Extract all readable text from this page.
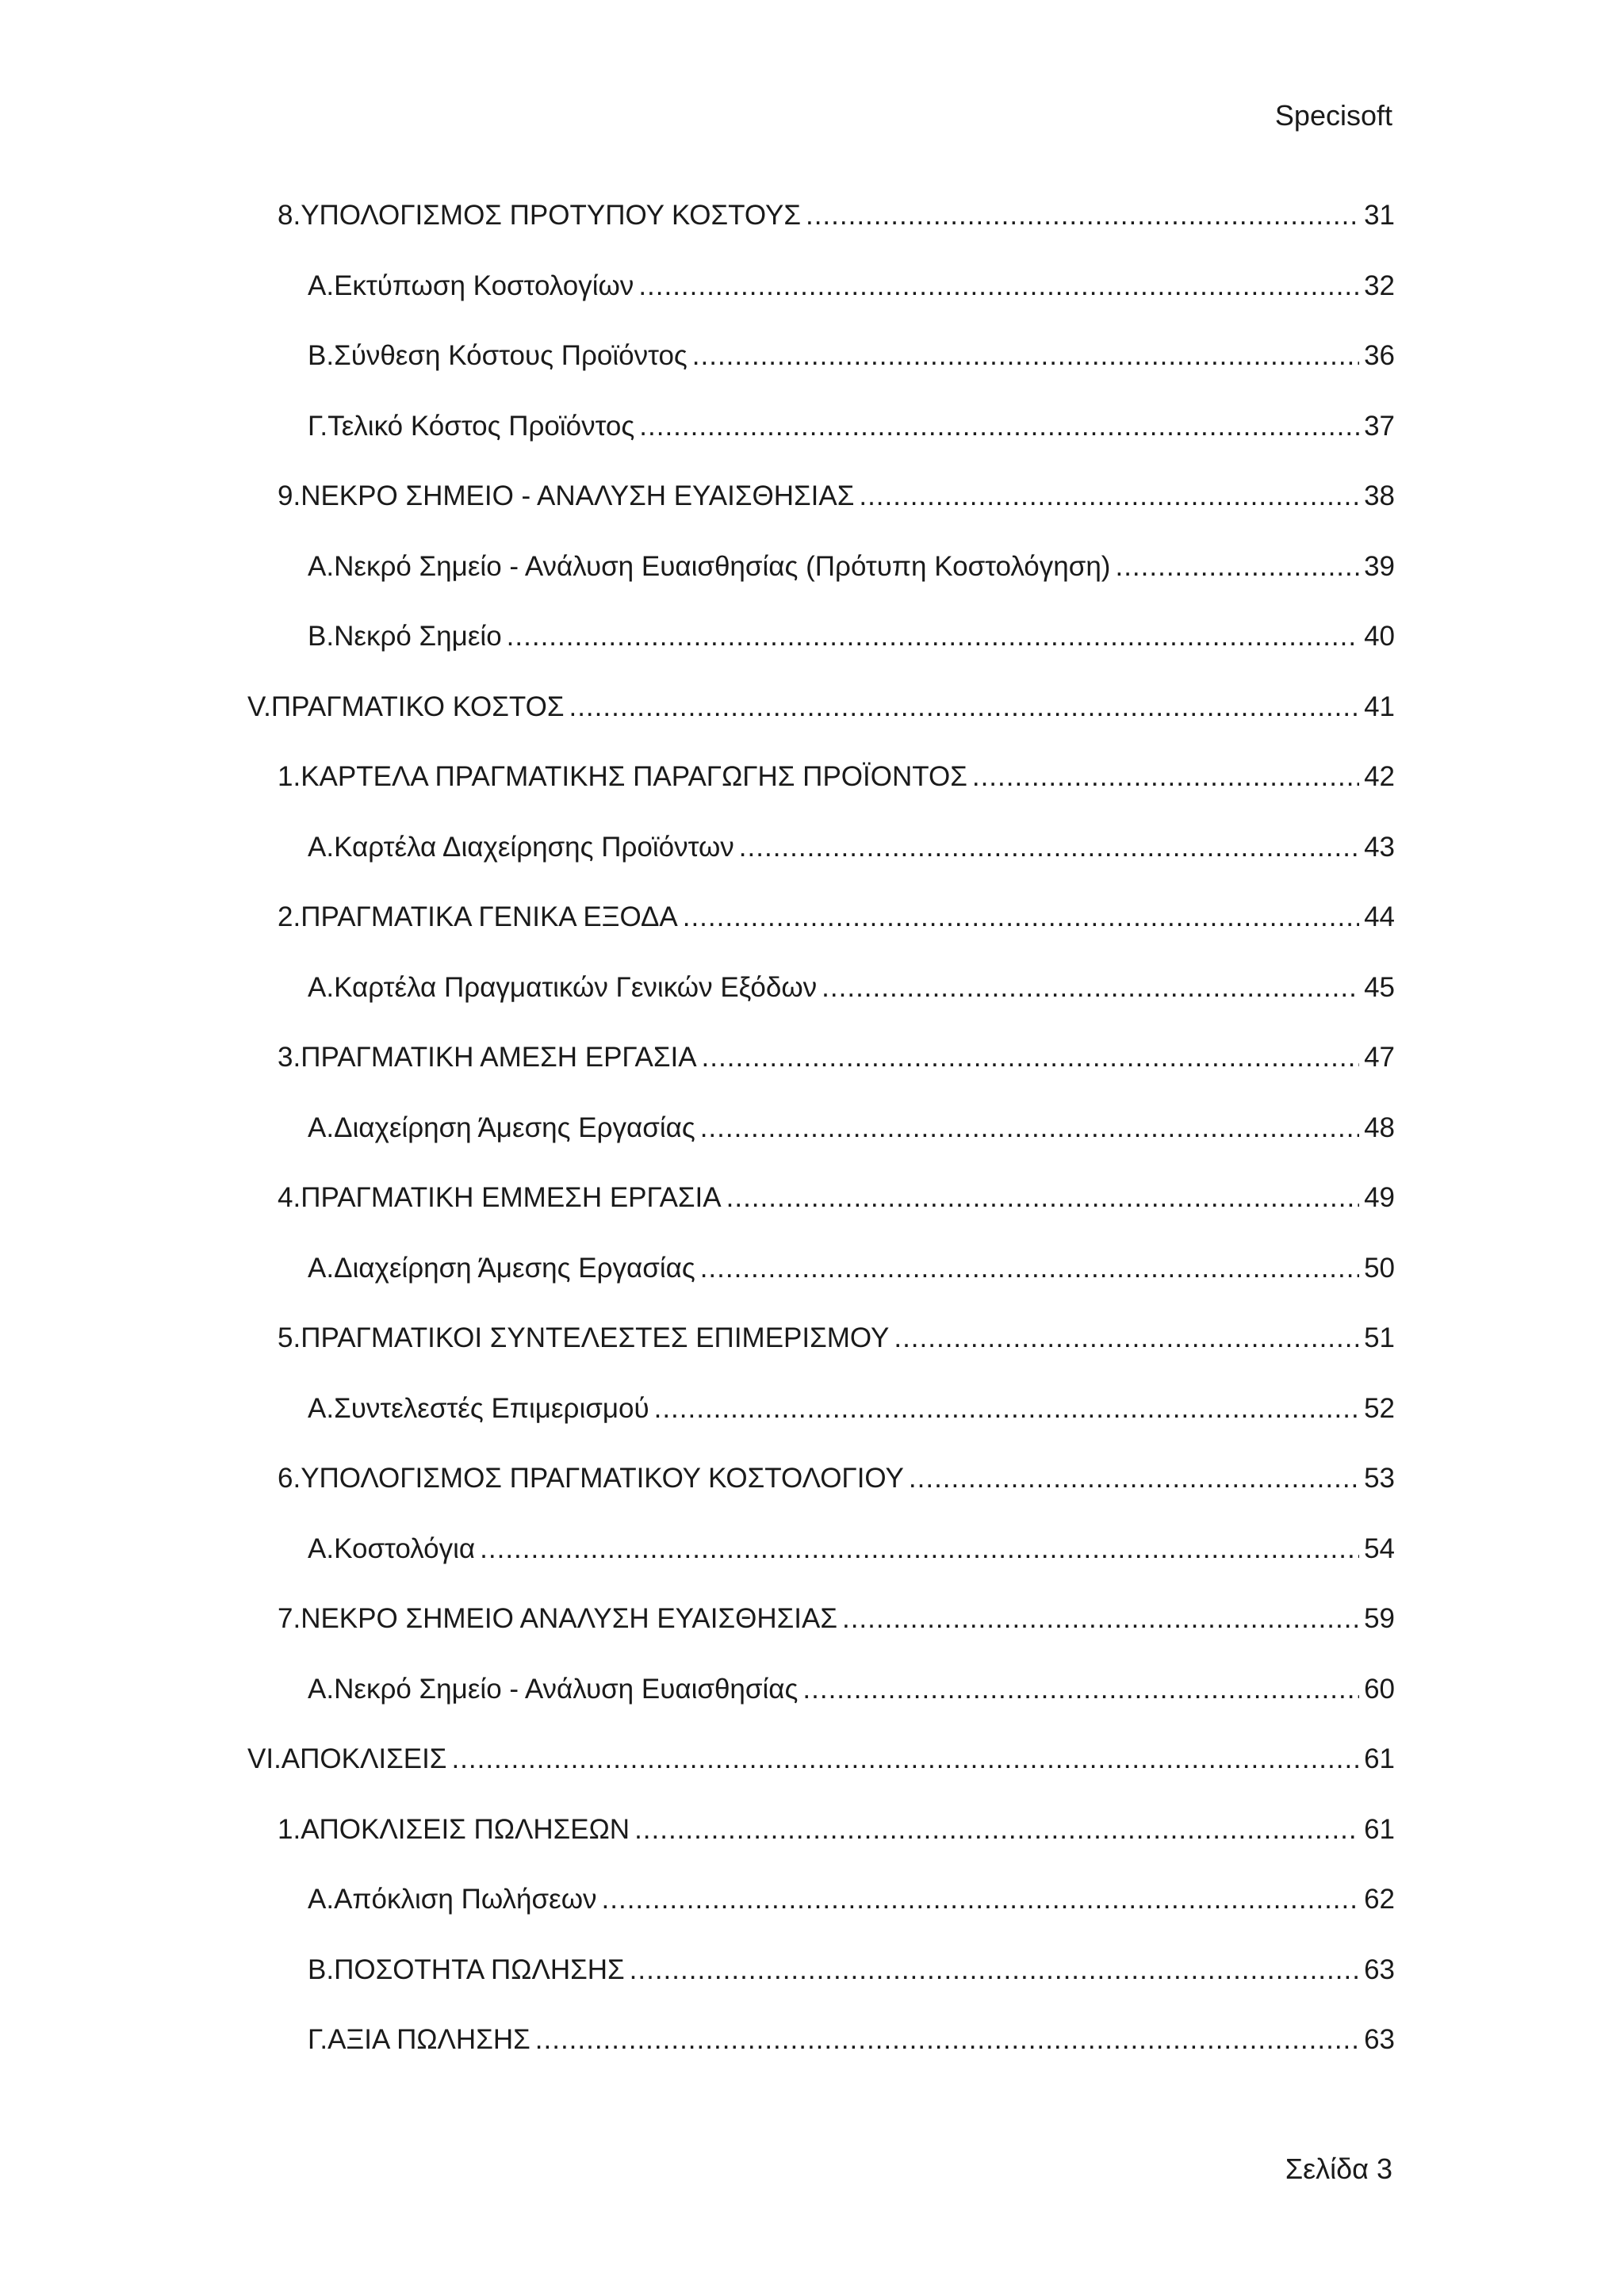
Specisoft
8.ΥΠΟΛΟΓΙΣΜΟΣ ΠΡΟΤΥΠΟΥ ΚΟΣΤΟΥΣ .....	31
Α.Εκτύπωση Κοστολογίων .....	32
Β.Σύνθεση Κόστους Προϊόντος .....	36
Γ.Τελικό Κόστος Προϊόντος .....	37
9.ΝΕΚΡΟ ΣΗΜΕΙΟ - ΑΝΑΛΥΣΗ ΕΥΑΙΣΘΗΣΙΑΣ .....	38
Α.Νεκρό Σημείο - Ανάλυση Ευαισθησίας (Πρότυπη Κοστολόγηση) .....	39
Β.Νεκρό Σημείο .....	40
V.ΠΡΑΓΜΑΤΙΚΟ ΚΟΣΤΟΣ .....	41
1.ΚΑΡΤΕΛΑ ΠΡΑΓΜΑΤΙΚΗΣ ΠΑΡΑΓΩΓΗΣ ΠΡΟΪΟΝΤΟΣ .....	42
Α.Καρτέλα Διαχείρησης Προϊόντων .....	43
2.ΠΡΑΓΜΑΤΙΚΑ ΓΕΝΙΚΑ ΕΞΟΔΑ .....	44
Α.Καρτέλα Πραγματικών Γενικών Εξόδων .....	45
3.ΠΡΑΓΜΑΤΙΚΗ ΑΜΕΣΗ ΕΡΓΑΣΙΑ .....	47
Α.Διαχείρηση Άμεσης Εργασίας .....	48
4.ΠΡΑΓΜΑΤΙΚΗ ΕΜΜΕΣΗ ΕΡΓΑΣΙΑ .....	49
Α.Διαχείρηση Άμεσης Εργασίας .....	50
5.ΠΡΑΓΜΑΤΙΚΟΙ ΣΥΝΤΕΛΕΣΤΕΣ ΕΠΙΜΕΡΙΣΜΟΥ .....	51
Α.Συντελεστές Επιμερισμού .....	52
6.ΥΠΟΛΟΓΙΣΜΟΣ ΠΡΑΓΜΑΤΙΚΟΥ ΚΟΣΤΟΛΟΓΙΟΥ .....	53
Α.Κοστολόγια .....	54
7.ΝΕΚΡΟ ΣΗΜΕΙΟ ΑΝΑΛΥΣΗ ΕΥΑΙΣΘΗΣΙΑΣ .....	59
Α.Νεκρό Σημείο - Ανάλυση Ευαισθησίας .....	60
VI.ΑΠΟΚΛΙΣΕΙΣ .....	61
1.ΑΠΟΚΛΙΣΕΙΣ ΠΩΛΗΣΕΩΝ .....	61
Α.Απόκλιση Πωλήσεων .....	62
Β.ΠΟΣΟΤΗΤΑ ΠΩΛΗΣΗΣ .....	63
Γ.ΑΞΙΑ ΠΩΛΗΣΗΣ .....	63
Σελίδα 3
